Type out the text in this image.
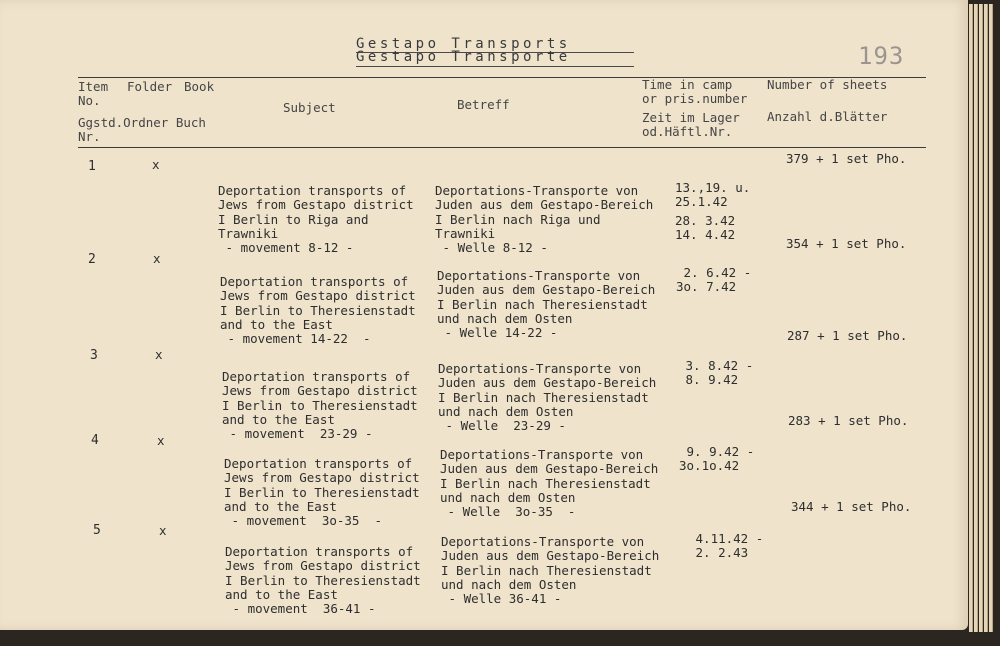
193
Gestapo Transports
Gestapo Transporte
Item
No.
Folder Book
Ggstd.Ordner Buch
Nr.
Subject	Betreff
Time in camp
or pris.number
Zeit im Lager
od.Häftl.Nr.
Number of sheets
Anzahl d.Blätter
1	x

Deportation transports of
Jews from Gestapo district
I Berlin to Riga and
Trawniki
- movement 8-12 -

Deportations-Transporte von
Juden aus dem Gestapo-Bereich
I Berlin nach Riga und
Trawniki
- Welle 8-12 -

13.,19. u.
25.1.42
28. 3.42
14. 4.42

379 + 1 set Pho.
2	x

Deportation transports of
Jews from Gestapo district
I Berlin to Theresienstadt
and to the East
- movement 14-22  -

Deportations-Transporte von
Juden aus dem Gestapo-Bereich
I Berlin nach Theresienstadt
und nach dem Osten
- Welle 14-22 -

2. 6.42 -
3o. 7.42

354 + 1 set Pho.
3	x

Deportation transports of
Jews from Gestapo district
I Berlin to Theresienstadt
and to the East
- movement  23-29 -

Deportations-Transporte von
Juden aus dem Gestapo-Bereich
I Berlin nach Theresienstadt
und nach dem Osten
- Welle  23-29 -

3. 8.42 -
8. 9.42

287 + 1 set Pho.
4	x

Deportation transports of
Jews from Gestapo district
I Berlin to Theresienstadt
and to the East
- movement  3o-35  -

Deportations-Transporte von
Juden aus dem Gestapo-Bereich
I Berlin nach Theresienstadt
und nach dem Osten
- Welle  3o-35  -

9. 9.42 -
3o.1o.42

283 + 1 set Pho.
5	x

Deportation transports of
Jews from Gestapo district
I Berlin to Theresienstadt
and to the East
- movement  36-41 -

Deportations-Transporte von
Juden aus dem Gestapo-Bereich
I Berlin nach Theresienstadt
und nach dem Osten
- Welle 36-41 -

4.11.42 -
2. 2.43

344 + 1 set Pho.
